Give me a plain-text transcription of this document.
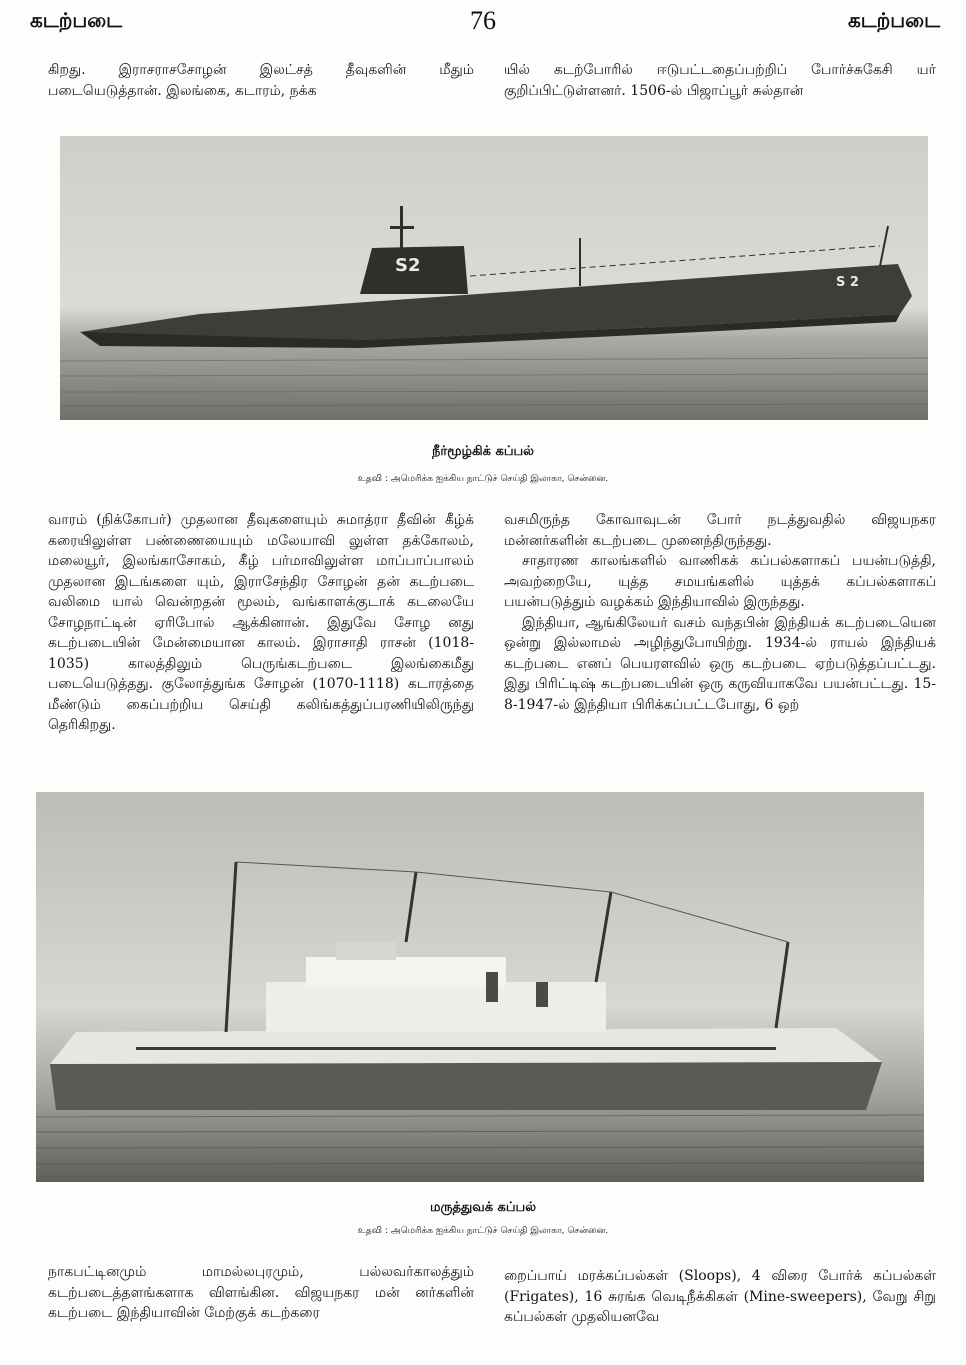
கடற்படை	76	கடற்படை

கிறது. இராசராசசோழன் இலட்சத் தீவுகளின் மீதும் படையெடுத்தான். இலங்கை, கடாரம், நக்க

யில் கடற்போரில் ஈடுபட்டதைப்பற்றிப் போர்ச்சுகேசி யர் குறிப்பிட்டுள்ளனர். 1506-ல் பிஜாப்பூர் சுல்தான்

S2
S 2
நீர்மூழ்கிக் கப்பல்
உதவி : அமெரிக்க ஐக்கிய நாட்டுச் செய்தி இலாகா, சென்னை.

வாரம் (நிக்கோபர்) முதலான தீவுகளையும் சுமாத்ரா தீவின் கீழ்க் கரையிலுள்ள பண்ணையையும் மலேயாவி லுள்ள தக்கோலம், மலையூர், இலங்காசோகம், கீழ் பர்மாவிலுள்ள மாப்பாப்பாலம் முதலான இடங்களை யும், இராசேந்திர சோழன் தன் கடற்படை வலிமை யால் வென்றதன் மூலம், வங்காளக்குடாக் கடலையே சோழநாட்டின் ஏரிபோல் ஆக்கினான். இதுவே சோழ னது கடற்படையின் மேன்மையான காலம். இராசாதி ராசன் (1018-1035) காலத்திலும் பெருங்கடற்படை இலங்கைமீது படையெடுத்தது. குலோத்துங்க சோழன் (1070-1118) கடாரத்தை மீண்டும் கைப்பற்றிய செய்தி கலிங்கத்துப்பரணியிலிருந்து தெரிகிறது.

வசமிருந்த கோவாவுடன் போர் நடத்துவதில் விஜயநகர மன்னர்களின் கடற்படை முனைந்திருந்தது.

சாதாரண காலங்களில் வாணிகக் கப்பல்களாகப் பயன்படுத்தி, அவற்றையே, யுத்த சமயங்களில் யுத்தக் கப்பல்களாகப் பயன்படுத்தும் வழக்கம் இந்தியாவில் இருந்தது.

இந்தியா, ஆங்கிலேயர் வசம் வந்தபின் இந்தியக் கடற்படையென ஒன்று இல்லாமல் அழிந்துபோயிற்று. 1934-ல் ராயல் இந்தியக் கடற்படை எனப் பெயரளவில் ஒரு கடற்படை ஏற்படுத்தப்பட்டது. இது பிரிட்டிஷ் கடற்படையின் ஒரு கருவியாகவே பயன்பட்டது. 15-8-1947-ல் இந்தியா பிரிக்கப்பட்டபோது, 6 ஒற்

மருத்துவக் கப்பல்
உதவி : அமெரிக்க ஐக்கிய நாட்டுச் செய்தி இலாகா, சென்னை.

நாகபட்டினமும் மாமல்லபுரமும், பல்லவர்காலத்தும் கடற்படைத்தளங்களாக விளங்கின. விஜயநகர மன் னர்களின் கடற்படை இந்தியாவின் மேற்குக் கடற்கரை

றைப்பாய் மரக்கப்பல்கள் (Sloops), 4 விரை போர்க் கப்பல்கள் (Frigates), 16 சுரங்க வெடிநீக்கிகள் (Mine-sweepers), வேறு சிறு கப்பல்கள் முதலியனவே
